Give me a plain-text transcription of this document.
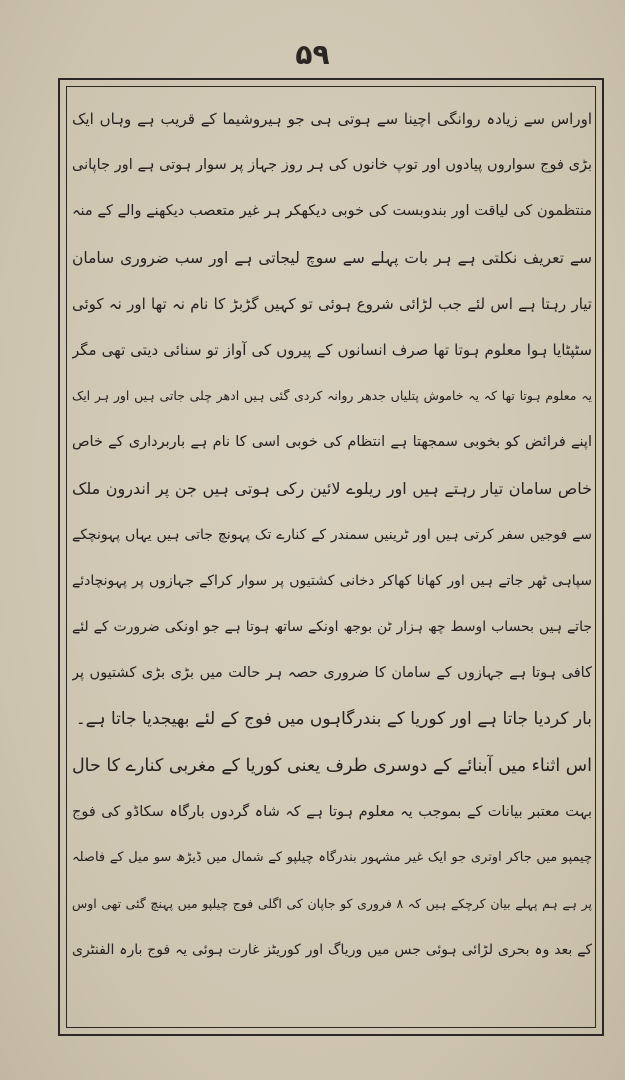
۵۹
اوراس سے زیادہ روانگی اچینا سے ہوتی ہی جو ہیروشیما کے قریب ہے وہاں ایک
بڑی فوج سواروں پیادوں اور توپ خانوں کی ہر روز جہاز پر سوار ہوتی ہے اور جاپانی
منتظمون کی لیاقت اور بندوبست کی خوبی دیکھکر ہر غیر متعصب دیکھنے والے کے منہ
سے تعریف نکلتی ہے ہر بات پہلے سے سوچ لیجاتی ہے اور سب ضروری سامان
تیار رہتا ہے اس لئے جب لڑائی شروع ہوئی تو کہیں گڑبڑ کا نام نہ تھا اور نہ کوئی
سٹپٹایا ہوا معلوم ہوتا تھا صرف انسانوں کے پیروں کی آواز تو سنائی دیتی تھی مگر
یہ معلوم ہوتا تھا کہ یہ خاموش پتلیاں جدھر روانہ کردی گئی ہیں ادھر چلی جاتی ہیں اور ہر ایک
اپنے فرائض کو بخوبی سمجھتا ہے انتظام کی خوبی اسی کا نام ہے باربرداری کے خاص
خاص سامان تیار رہتے ہیں اور ریلوے لائین رکی ہوتی ہیں جن پر اندرون ملک
سے فوجیں سفر کرتی ہیں اور ٹرینیں سمندر کے کنارے تک پہونچ جاتی ہیں یہاں پہونچکے
سپاہی ٹھر جاتے ہیں اور کھانا کھاکر دخانی کشتیوں پر سوار کراکے جہازوں پر پہونچادئے
جاتے ہیں بحساب اوسط چھ ہزار ٹن بوجھ اونکے ساتھ ہوتا ہے جو اونکی ضرورت کے لئے
کافی ہوتا ہے جہازوں کے سامان کا ضروری حصہ ہر حالت میں بڑی بڑی کشتیوں پر
بار کردیا جاتا ہے اور کوریا کے بندرگاہوں میں فوج کے لئے بھیجدیا جاتا ہے۔
اس اثناء میں آبنائے کے دوسری طرف یعنی کوریا کے مغربی کنارے کا حال
بہت معتبر بیانات کے بموجب یہ معلوم ہوتا ہے کہ شاہ گردوں بارگاہ سکاڈو کی فوج
چیمپو میں جاکر اوتری جو ایک غیر مشہور بندرگاہ چیلپو کے شمال میں ڈیڑھ سو میل کے فاصلہ
پر ہے ہم پہلے بیان کرچکے ہیں کہ ۸ فروری کو جاپان کی اگلی فوج چیلپو میں پہنچ گئی تھی اوس
کے بعد وہ بحری لڑائی ہوئی جس میں وریاگ اور کوریٹز غارت ہوئی یہ فوج بارہ الفنٹری
